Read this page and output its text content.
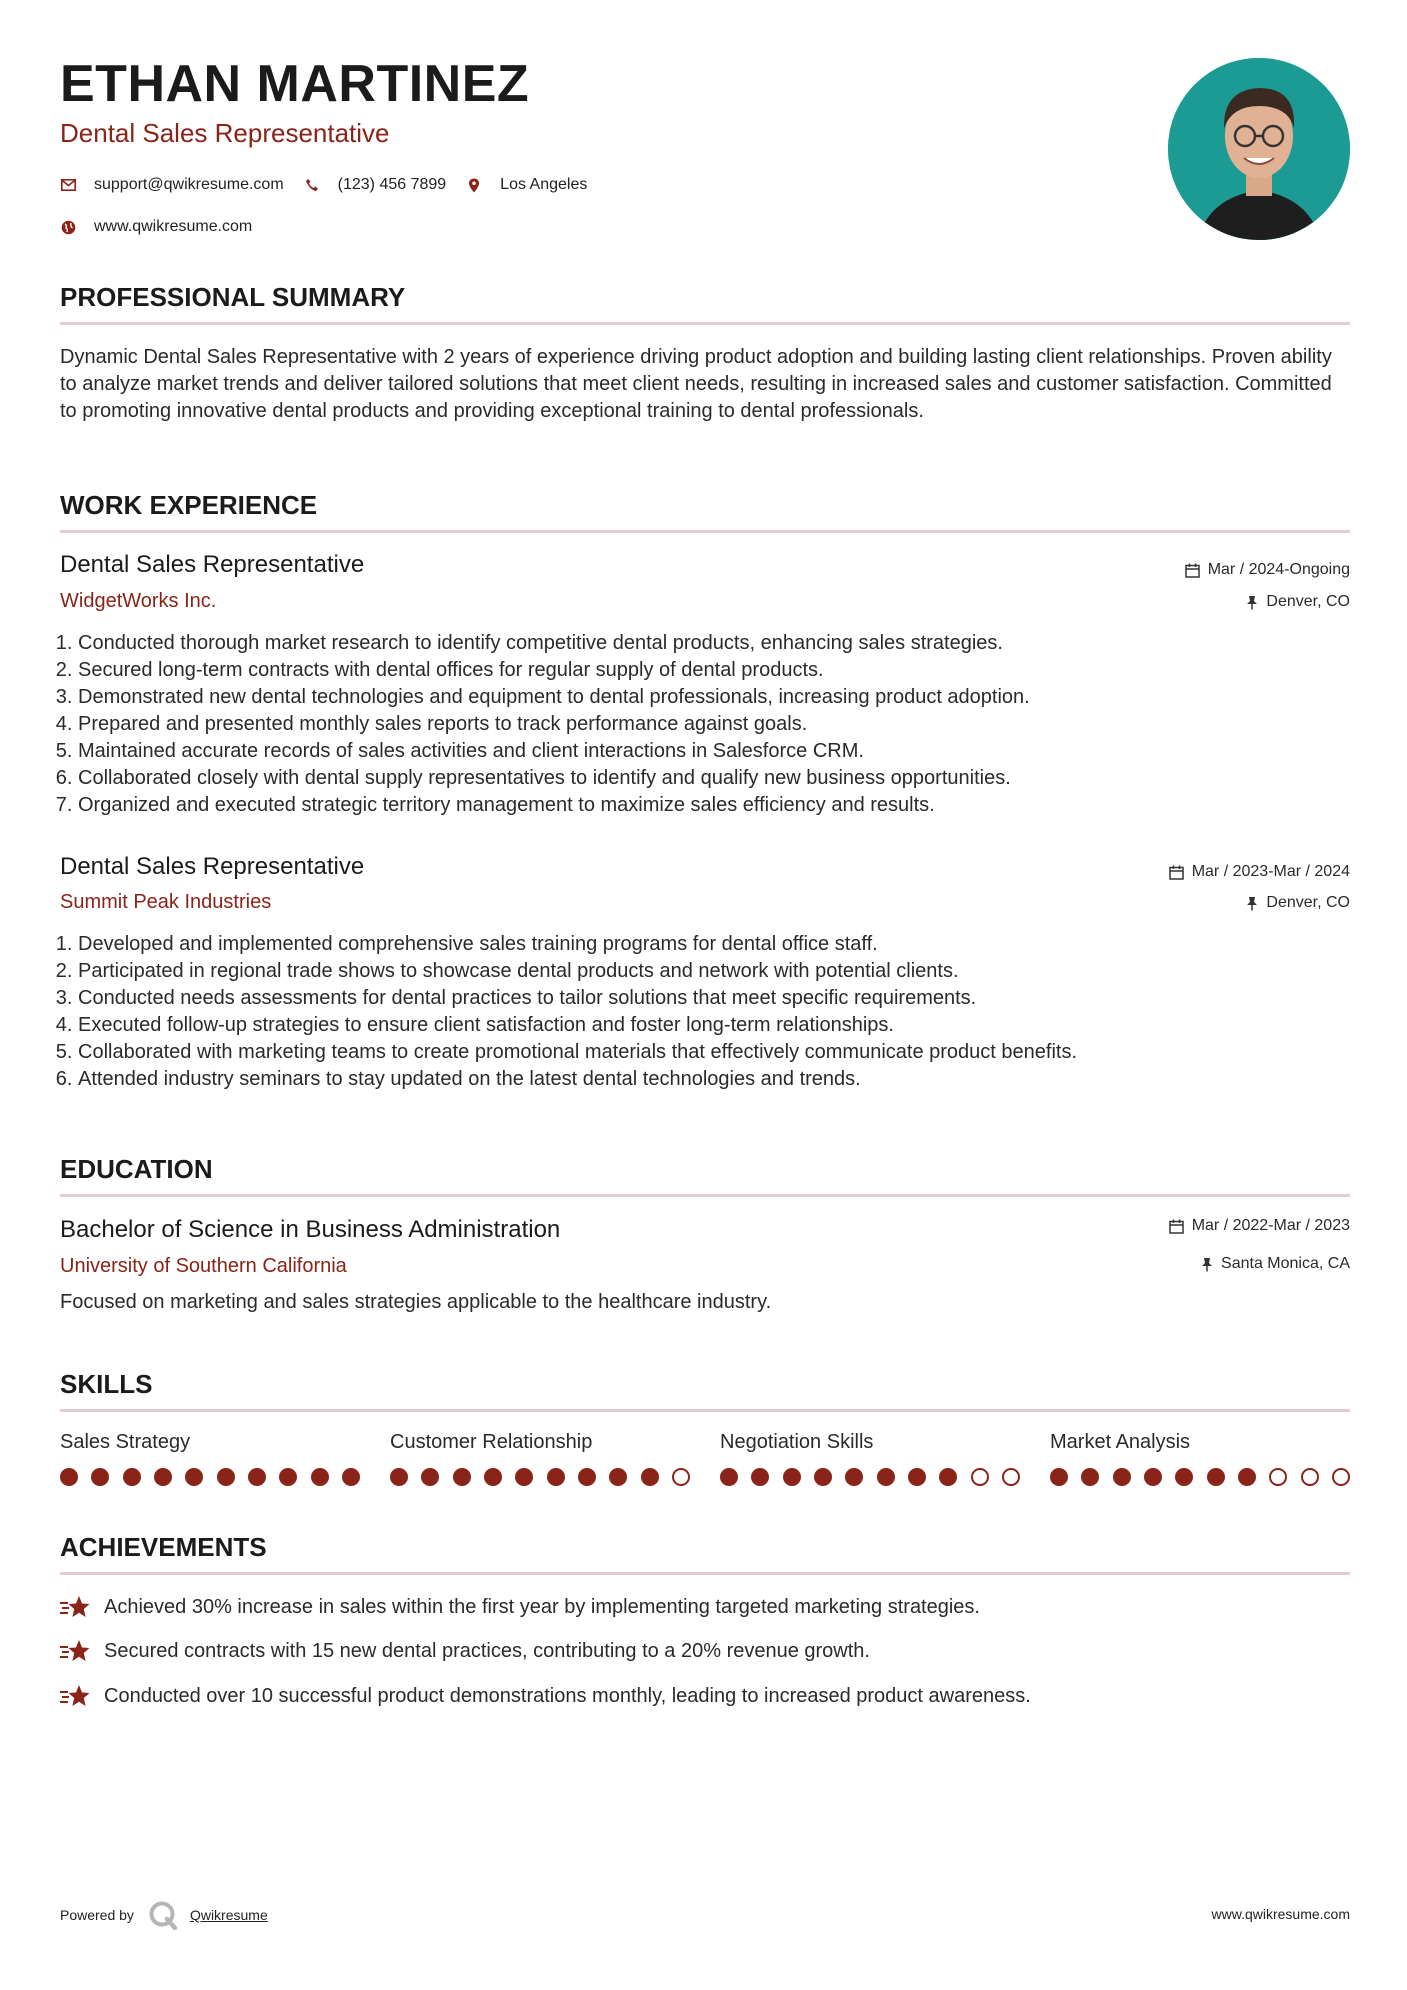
ETHAN MARTINEZ
Dental Sales Representative
support@qwikresume.com	(123) 456 7899	Los Angeles
www.qwikresume.com
PROFESSIONAL SUMMARY
Dynamic Dental Sales Representative with 2 years of experience driving product adoption and building lasting client relationships. Proven ability to analyze market trends and deliver tailored solutions that meet client needs, resulting in increased sales and customer satisfaction. Committed to promoting innovative dental products and providing exceptional training to dental professionals.
WORK EXPERIENCE
Dental Sales Representative	Mar / 2024-Ongoing
WidgetWorks Inc.	Denver, CO
1. Conducted thorough market research to identify competitive dental products, enhancing sales strategies.
2. Secured long-term contracts with dental offices for regular supply of dental products.
3. Demonstrated new dental technologies and equipment to dental professionals, increasing product adoption.
4. Prepared and presented monthly sales reports to track performance against goals.
5. Maintained accurate records of sales activities and client interactions in Salesforce CRM.
6. Collaborated closely with dental supply representatives to identify and qualify new business opportunities.
7. Organized and executed strategic territory management to maximize sales efficiency and results.
Dental Sales Representative	Mar / 2023-Mar / 2024
Summit Peak Industries	Denver, CO
1. Developed and implemented comprehensive sales training programs for dental office staff.
2. Participated in regional trade shows to showcase dental products and network with potential clients.
3. Conducted needs assessments for dental practices to tailor solutions that meet specific requirements.
4. Executed follow-up strategies to ensure client satisfaction and foster long-term relationships.
5. Collaborated with marketing teams to create promotional materials that effectively communicate product benefits.
6. Attended industry seminars to stay updated on the latest dental technologies and trends.
EDUCATION
Bachelor of Science in Business Administration	Mar / 2022-Mar / 2023
University of Southern California	Santa Monica, CA
Focused on marketing and sales strategies applicable to the healthcare industry.
SKILLS
Sales Strategy	Customer Relationship	Negotiation Skills	Market Analysis
ACHIEVEMENTS
Achieved 30% increase in sales within the first year by implementing targeted marketing strategies.
Secured contracts with 15 new dental practices, contributing to a 20% revenue growth.
Conducted over 10 successful product demonstrations monthly, leading to increased product awareness.
Powered by	Qwikresume	www.qwikresume.com
